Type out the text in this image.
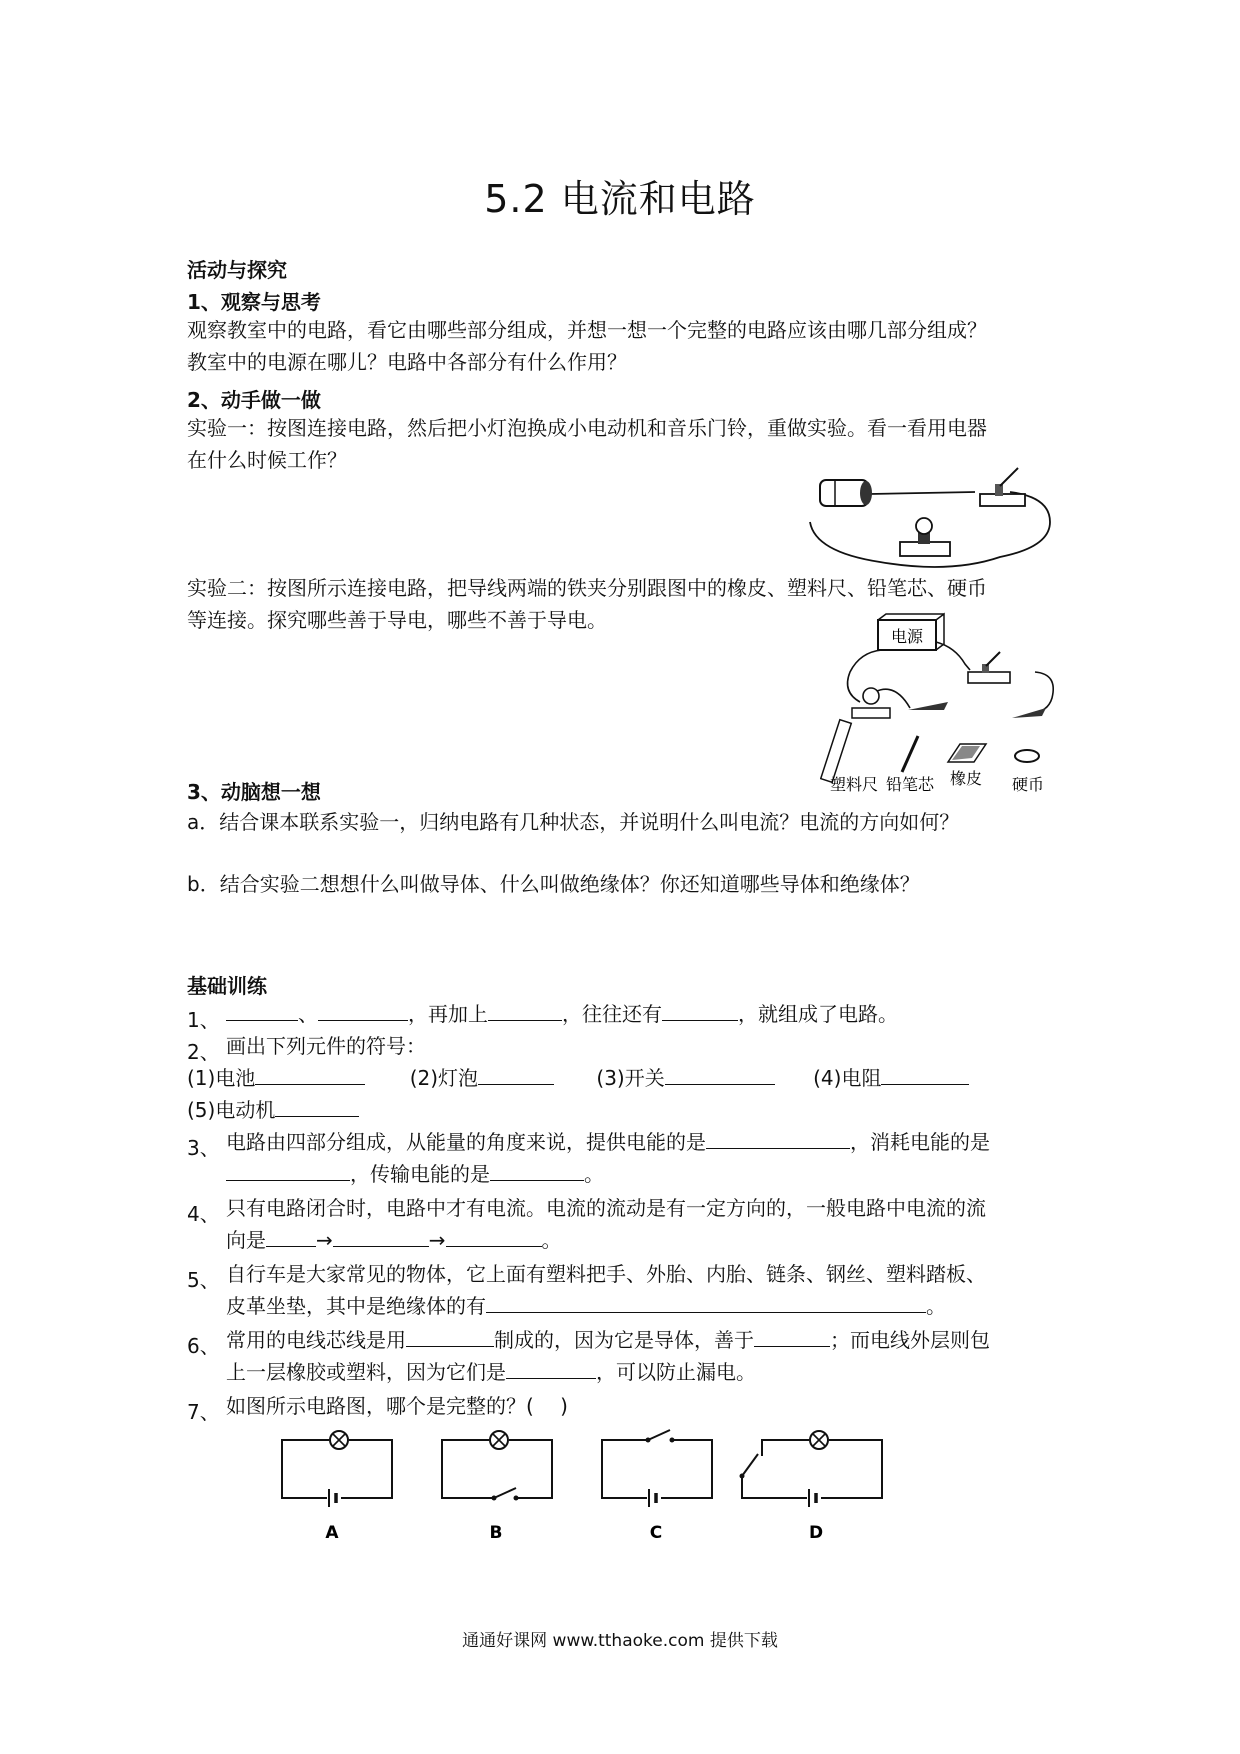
5.2 电流和电路
活动与探究
1、观察与思考
观察教室中的电路，看它由哪些部分组成，并想一想一个完整的电路应该由哪几部分组成？
教室中的电源在哪儿？电路中各部分有什么作用？
2、动手做一做
实验一：按图连接电路，然后把小灯泡换成小电动机和音乐门铃，重做实验。看一看用电器
在什么时候工作？
实验二：按图所示连接电路，把导线两端的铁夹分别跟图中的橡皮、塑料尺、铅笔芯、硬币
等连接。探究哪些善于导电，哪些不善于导电。
电源
塑料尺 铅笔芯 橡皮 硬币
3、动脑想一想
a．结合课本联系实验一，归纳电路有几种状态，并说明什么叫电流？电流的方向如何？
b．结合实验二想想什么叫做导体、什么叫做绝缘体？你还知道哪些导体和绝缘体？
基础训练
1、	、	，再加上	，往往还有	，就组成了电路。
2、 画出下列元件的符号：
(1)电池	(2)灯泡	(3)开关	(4)电阻
(5)电动机
3、 电路由四部分组成，从能量的角度来说，提供电能的是	，消耗电能的是
，传输电能的是	。
4、 只有电路闭合时，电路中才有电流。电流的流动是有一定方向的，一般电路中电流的流
向是	→	→	。
5、 自行车是大家常见的物体，它上面有塑料把手、外胎、内胎、链条、钢丝、塑料踏板、
皮革坐垫，其中是绝缘体的有	。
6、 常用的电线芯线是用	制成的，因为它是导体，善于	；而电线外层则包
上一层橡胶或塑料，因为它们是	，可以防止漏电。
7、 如图所示电路图，哪个是完整的？(　 )
A	B	C	D
通通好课网 www.tthaoke.com 提供下载
